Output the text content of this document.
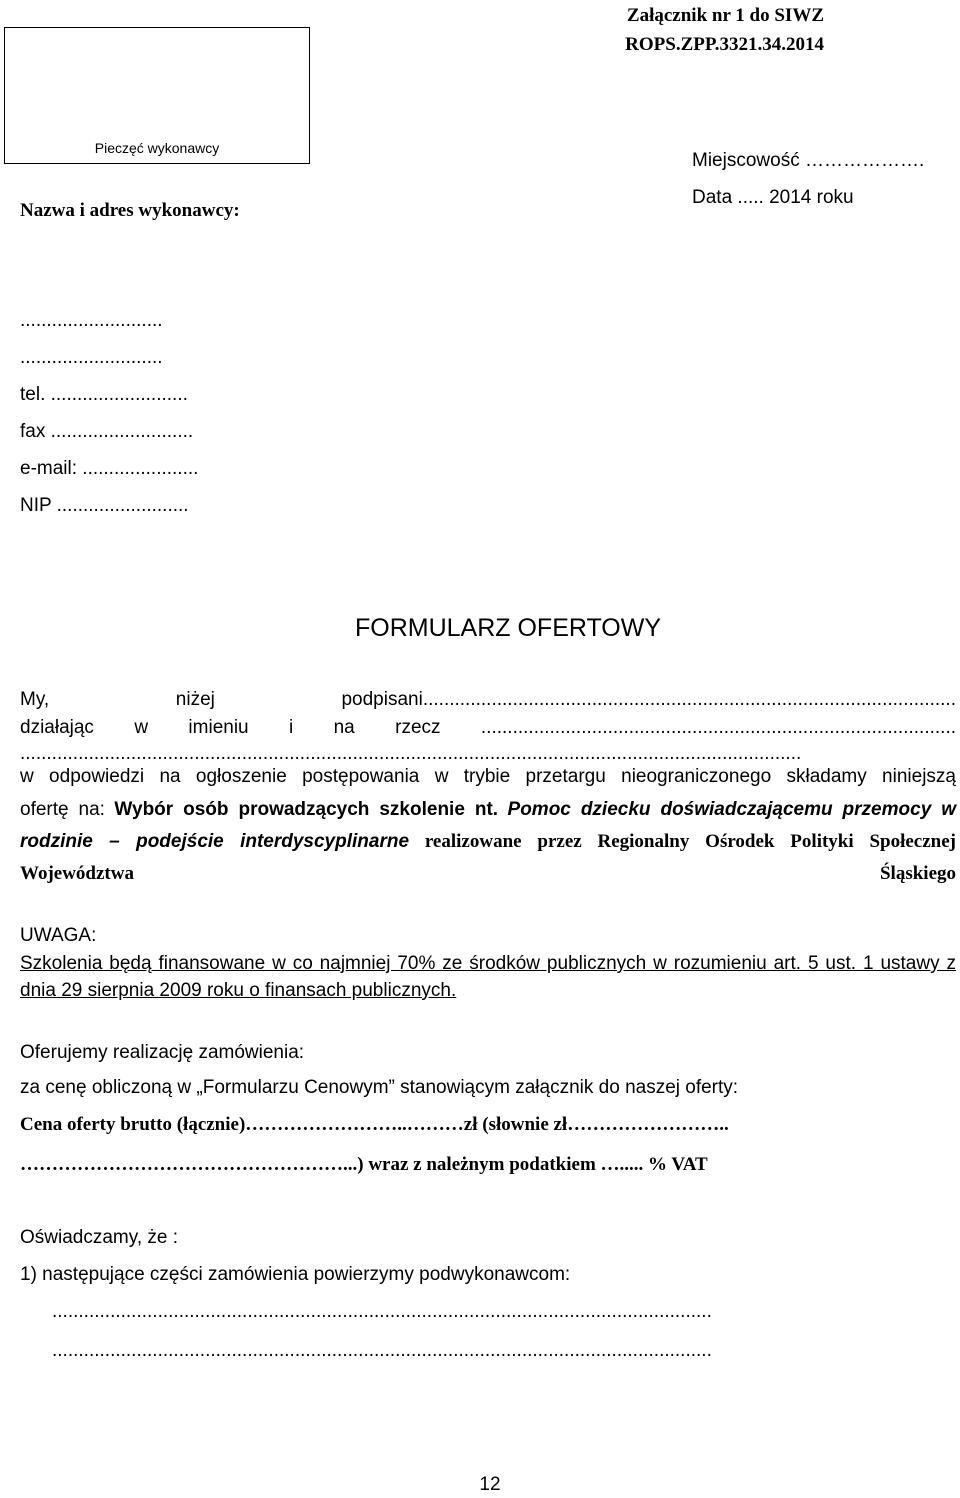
Załącznik nr 1 do SIWZ
ROPS.ZPP.3321.34.2014
Pieczęć wykonawcy
Miejscowość ……………….
Data ..... 2014 roku
Nazwa i adres wykonawcy:
...........................
...........................
tel. ..........................
fax ...........................
e-mail: ......................
NIP .........................
FORMULARZ OFERTOWY
My, niżej podpisani.....................................................................................................
działając w imieniu i na rzecz ..........................................................................................
....................................................................................................................................................
w odpowiedzi na ogłoszenie postępowania w trybie przetargu nieograniczonego składamy niniejszą
ofertę na: Wybór osób prowadzących szkolenie nt. Pomoc dziecku doświadczającemu przemocy w rodzinie – podejście interdyscyplinarne realizowane przez Regionalny Ośrodek Polityki Społecznej Województwa Śląskiego
UWAGA:
Szkolenia będą finansowane w co najmniej 70% ze środków publicznych w rozumieniu art. 5 ust. 1 ustawy z dnia 29 sierpnia 2009 roku o finansach publicznych.
Oferujemy realizację zamówienia:
za cenę obliczoną w „Formularzu Cenowym” stanowiącym załącznik do naszej oferty:
Cena oferty brutto (łącznie)……………………..………zł (słownie zł……………………..
……………………………………………...) wraz z należnym podatkiem …..... % VAT
Oświadczamy, że :
1) następujące części zamówienia powierzymy podwykonawcom:
.............................................................................................................................
.............................................................................................................................
12
